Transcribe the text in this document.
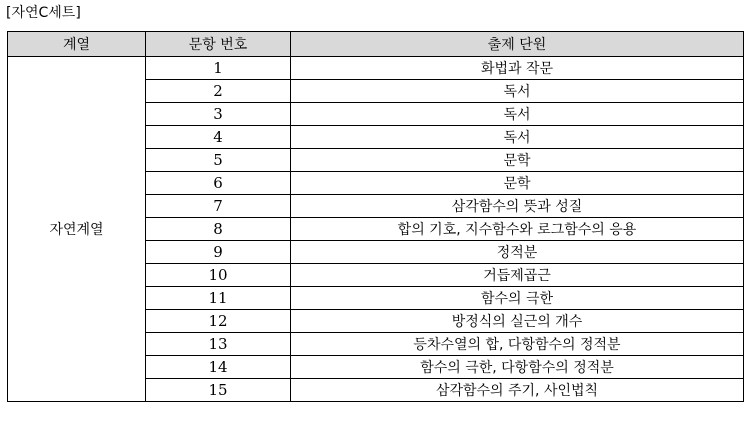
[자연C세트]
계열	문항 번호	출제 단원
자연계열	1	화법과 작문
	2	독서
	3	독서
	4	독서
	5	문학
	6	문학
	7	삼각함수의 뜻과 성질
	8	합의 기호, 지수함수와 로그함수의 응용
	9	정적분
	10	거듭제곱근
	11	함수의 극한
	12	방정식의 실근의 개수
	13	등차수열의 합, 다항함수의 정적분
	14	함수의 극한, 다항함수의 정적분
	15	삼각함수의 주기, 사인법칙
